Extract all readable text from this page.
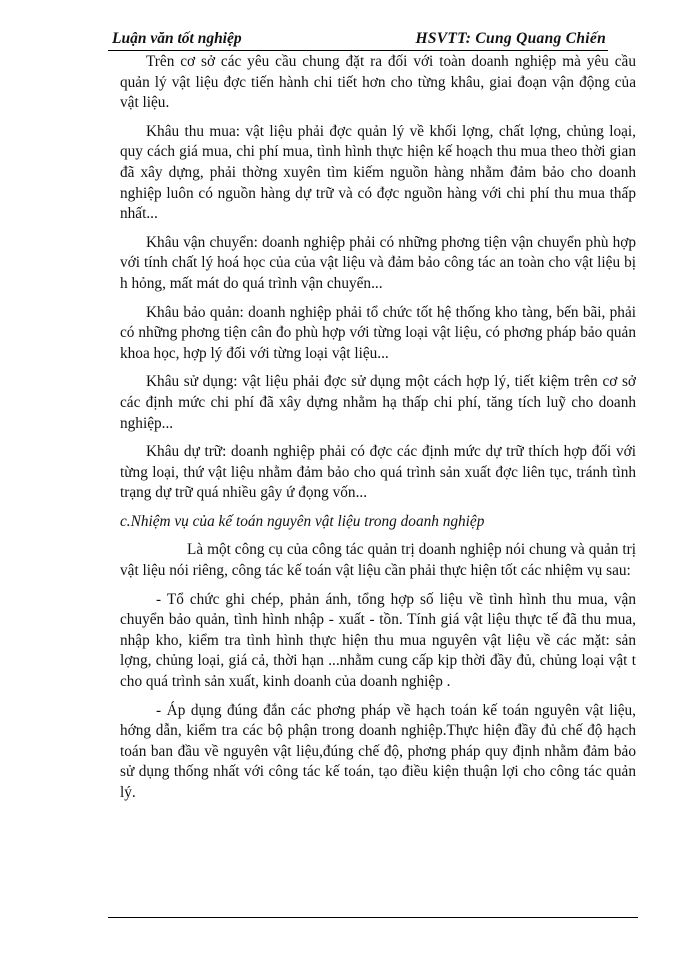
Luận văn tốt nghiệp	HSVTT: Cung Quang Chiến

Trên cơ sở các yêu cầu chung đặt ra đối với toàn doanh nghiệp mà yêu cầu quản lý vật liệu đợc tiến hành chi tiết hơn cho từng khâu, giai đoạn vận động của vật liệu.

Khâu thu mua: vật liệu phải đợc quản lý về khối lợng, chất lợng, chủng loại, quy cách giá mua, chi phí mua, tình hình thực hiện kế hoạch thu mua theo thời gian đã xây dựng, phải thờng xuyên tìm kiếm nguồn hàng nhằm đảm bảo cho doanh nghiệp luôn có nguồn hàng dự trữ và có đợc nguồn hàng với chi phí thu mua thấp nhất...

Khâu vận chuyển: doanh nghiệp phải có những phơng tiện vận chuyển phù hợp với tính chất lý hoá học của của vật liệu và đảm bảo công tác an toàn cho vật liệu bị h hỏng, mất mát do quá trình vận chuyển...

Khâu bảo quản: doanh nghiệp phải tổ chức tốt hệ thống kho tàng, bến bãi, phải có những phơng tiện cân đo phù hợp với từng loại vật liệu, có phơng pháp bảo quản khoa học, hợp lý đối với từng loại vật liệu...

Khâu sử dụng: vật liệu phải đợc sử dụng một cách hợp lý, tiết kiệm trên cơ sở các định mức chi phí đã xây dựng nhằm hạ thấp chi phí, tăng tích luỹ cho doanh nghiệp...

Khâu dự trữ: doanh nghiệp phải có đợc các định mức dự trữ thích hợp đối với từng loại, thứ vật liệu nhằm đảm bảo cho quá trình sản xuất đợc liên tục, tránh tình trạng dự trữ quá nhiều gây ứ đọng vốn...

c.Nhiệm vụ của kế toán nguyên vật liệu trong doanh nghiệp

Là một công cụ của công tác quản trị doanh nghiệp nói chung và quản trị vật liệu nói riêng, công tác kế toán vật liệu cần phải thực hiện tốt các nhiệm vụ sau:

- Tổ chức ghi chép, phản ánh, tổng hợp số liệu về tình hình thu mua, vận chuyển bảo quản, tình hình nhập - xuất - tồn. Tính giá vật liệu thực tế đã thu mua, nhập kho, kiểm tra tình hình thực hiện thu mua nguyên vật liệu về các mặt: sản lợng, chủng loại, giá cả, thời hạn ...nhằm cung cấp kịp thời đầy đủ, chủng loại vật t cho quá trình sản xuất, kinh doanh của doanh nghiệp .

- Áp dụng đúng đắn các phơng pháp về hạch toán kế toán nguyên vật liệu, hớng dẫn, kiểm tra các bộ phận trong doanh nghiệp.Thực hiện đầy đủ chế độ hạch toán ban đầu về nguyên vật liệu,đúng chế độ, phơng pháp quy định nhằm đảm bảo sử dụng thống nhất với công tác kế toán, tạo điều kiện thuận lợi cho công tác quản lý.
